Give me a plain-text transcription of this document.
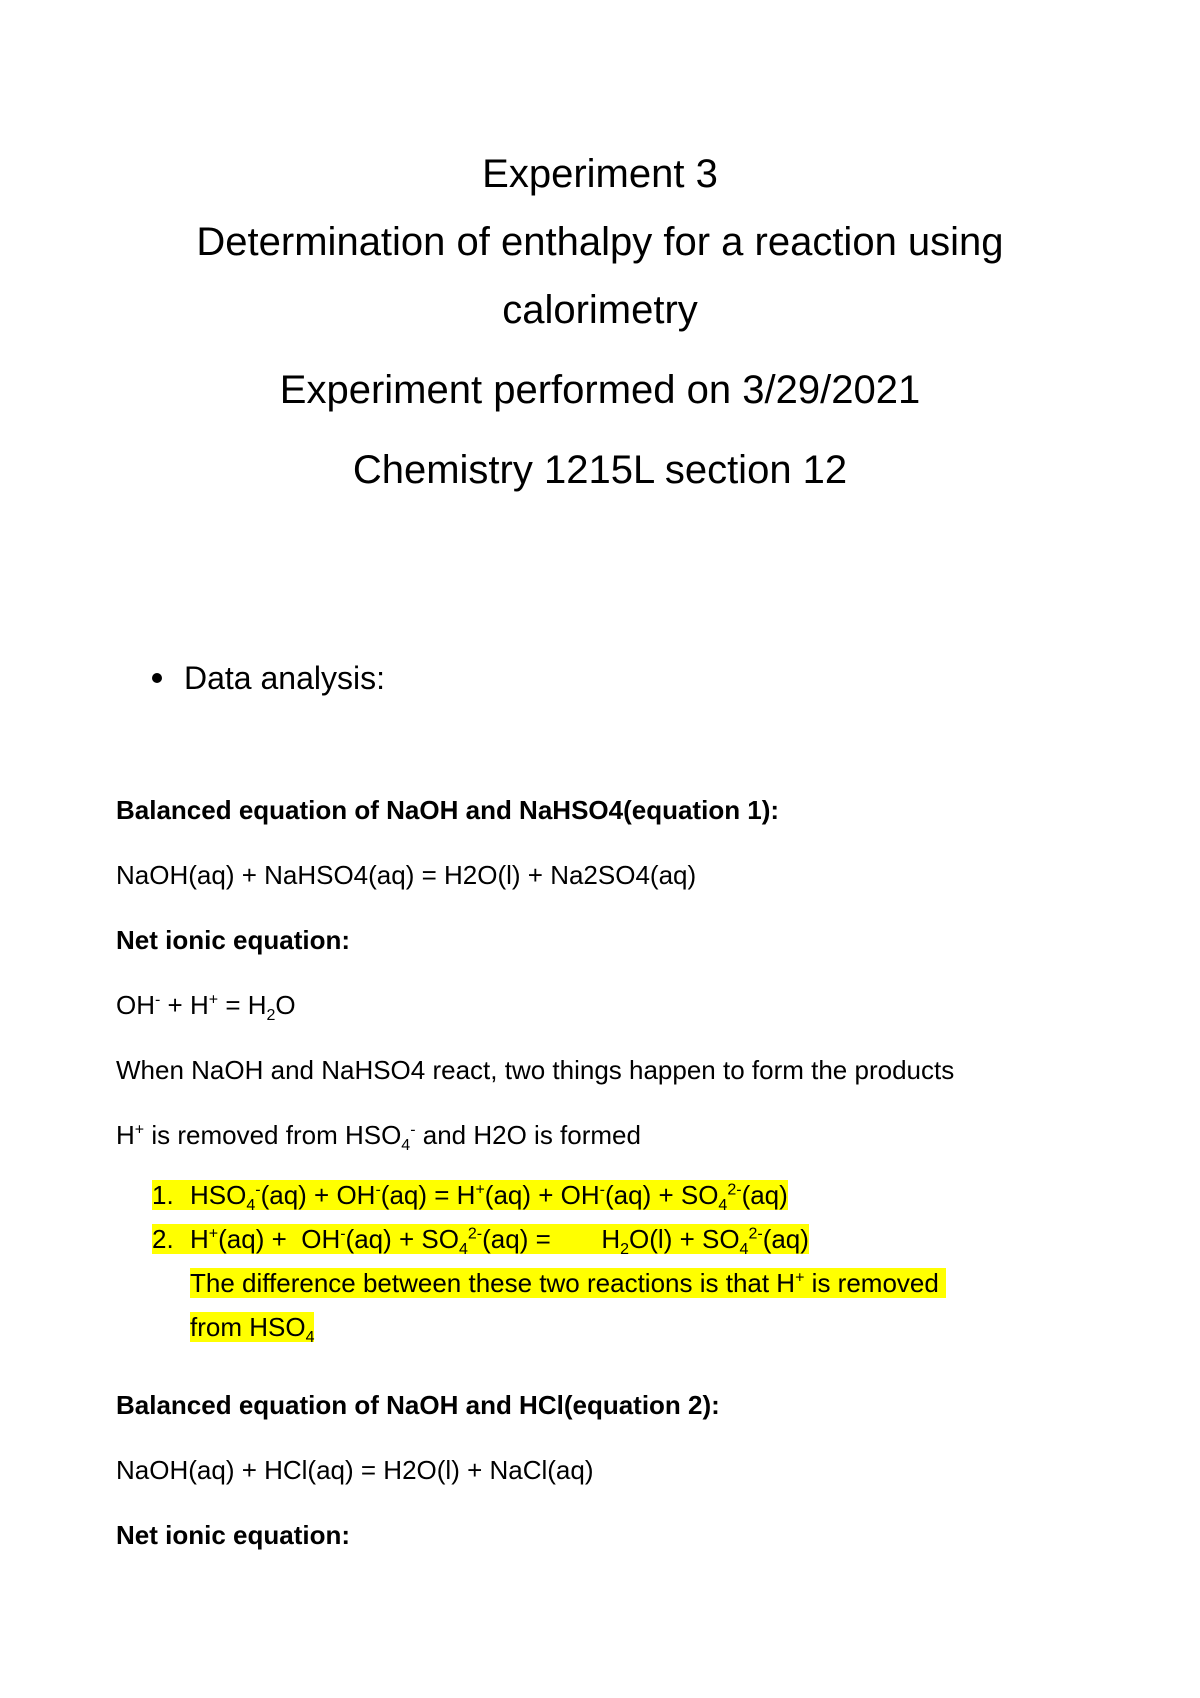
Experiment 3

Determination of enthalpy for a reaction using

calorimetry

Experiment performed on 3/29/2021

Chemistry 1215L section 12

Data analysis:
Balanced equation of NaOH and NaHSO4(equation 1):
NaOH(aq) + NaHSO4(aq) = H2O(l) + Na2SO4(aq)
Net ionic equation:
$OH^- + H^+ = H_2O$
When NaOH and NaHSO4 react, two things happen to form the products
H+ is removed from $HSO_4^-$ and H2O is formed
1. $HSO_4^-(aq) + OH^-(aq) = H^+(aq) + OH^-(aq) + SO_4^{2-}(aq)$
2. $H^+(aq) + OH^-(aq) + SO_4^{2-}(aq)$ =       $H_2O(l) + SO_4^{2-}(aq)$
The difference between these two reactions is that H+ is removed
from $HSO_4$
Balanced equation of NaOH and HCl(equation 2):
NaOH(aq) + HCl(aq) = H2O(l) + NaCl(aq)
Net ionic equation:
